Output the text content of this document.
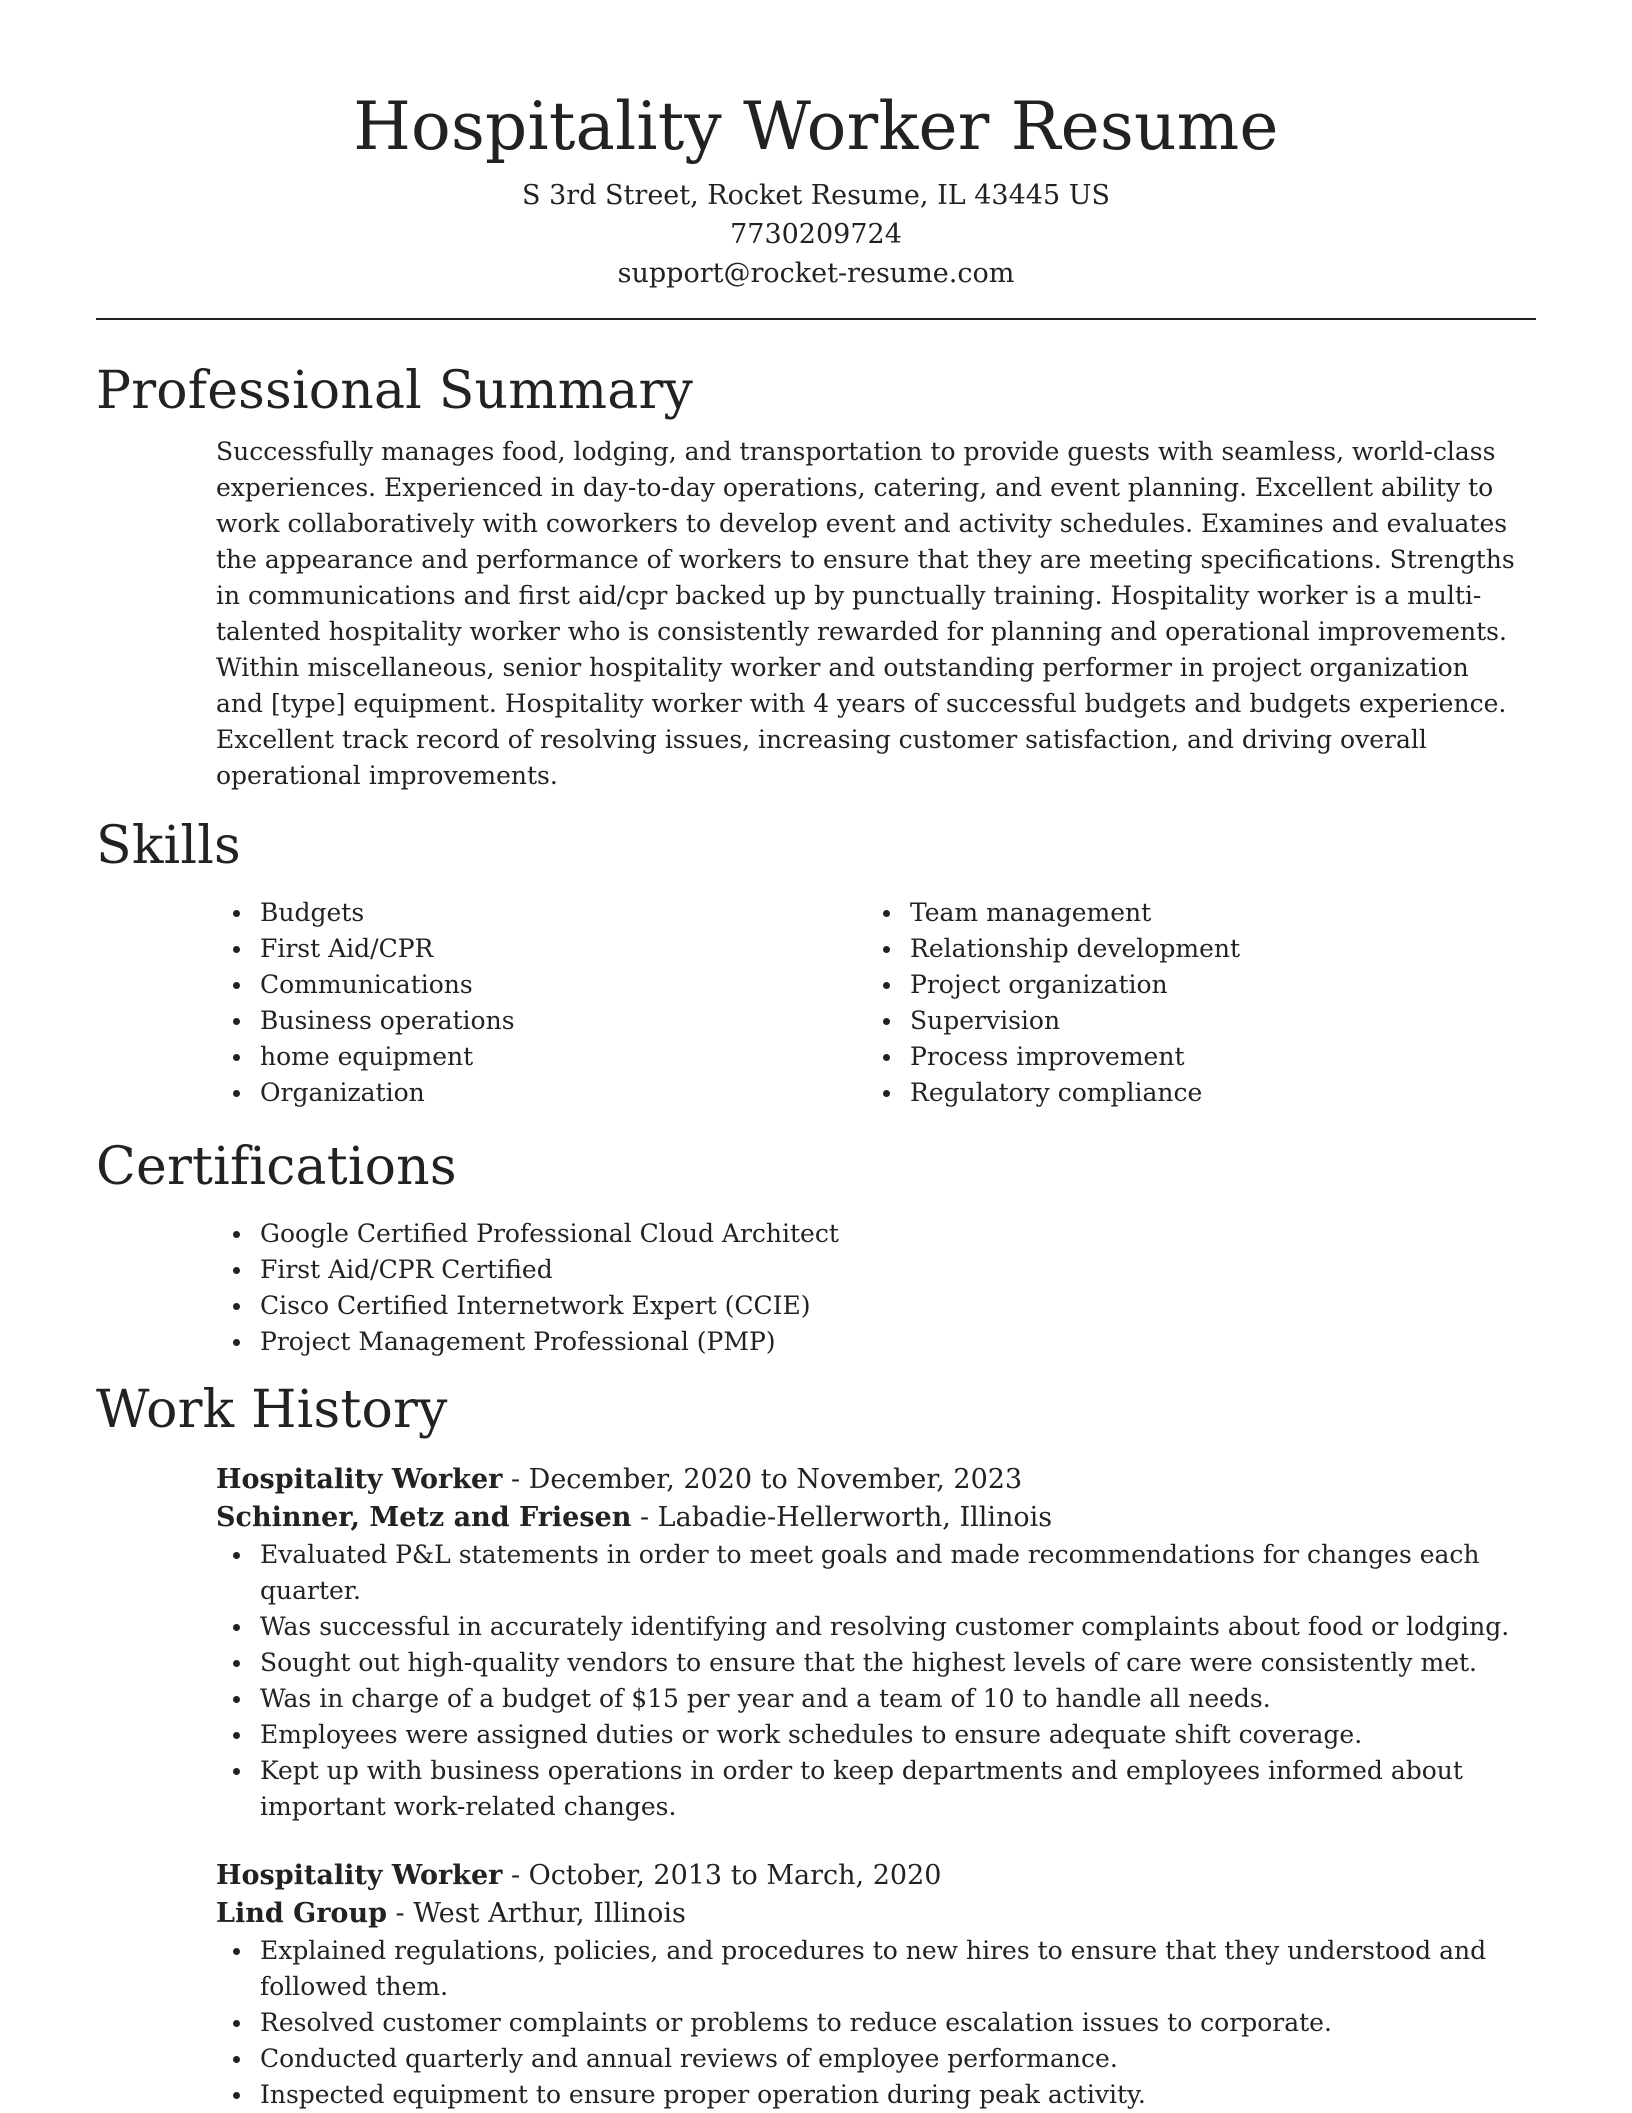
Hospitality Worker Resume

S 3rd Street, Rocket Resume, IL 43445 US

7730209724

support@rocket-resume.com

Professional Summary

Successfully manages food, lodging, and transportation to provide guests with seamless, world-class experiences. Experienced in day-to-day operations, catering, and event planning. Excellent ability to work collaboratively with coworkers to develop event and activity schedules. Examines and evaluates the appearance and performance of workers to ensure that they are meeting specifications. Strengths in communications and first aid/cpr backed up by punctually training. Hospitality worker is a multi-talented hospitality worker who is consistently rewarded for planning and operational improvements. Within miscellaneous, senior hospitality worker and outstanding performer in project organization and [type] equipment. Hospitality worker with 4 years of successful budgets and budgets experience. Excellent track record of resolving issues, increasing customer satisfaction, and driving overall operational improvements.

Skills
Budgets
First Aid/CPR
Communications
Business operations
home equipment
Organization
Team management
Relationship development
Project organization
Supervision
Process improvement
Regulatory compliance
Certifications
Google Certified Professional Cloud Architect
First Aid/CPR Certified
Cisco Certified Internetwork Expert (CCIE)
Project Management Professional (PMP)
Work History

Hospitality Worker - December, 2020 to November, 2023

Schinner, Metz and Friesen - Labadie-Hellerworth, Illinois

Evaluated P&L statements in order to meet goals and made recommendations for changes each quarter.
Was successful in accurately identifying and resolving customer complaints about food or lodging.
Sought out high-quality vendors to ensure that the highest levels of care were consistently met.
Was in charge of a budget of $15 per year and a team of 10 to handle all needs.
Employees were assigned duties or work schedules to ensure adequate shift coverage.
Kept up with business operations in order to keep departments and employees informed about important work-related changes.

Hospitality Worker - October, 2013 to March, 2020

Lind Group - West Arthur, Illinois

Explained regulations, policies, and procedures to new hires to ensure that they understood and followed them.
Resolved customer complaints or problems to reduce escalation issues to corporate.
Conducted quarterly and annual reviews of employee performance.
Inspected equipment to ensure proper operation during peak activity.
